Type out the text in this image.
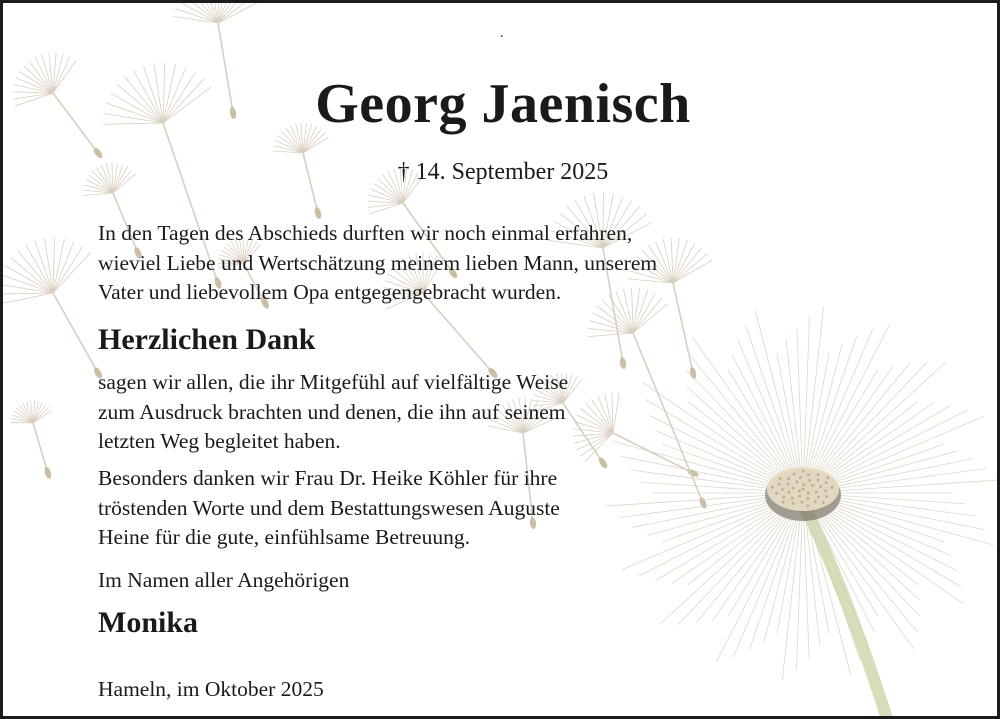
.
Georg Jaenisch
† 14. September 2025
In den Tagen des Abschieds durften wir noch einmal erfahren,
wieviel Liebe und Wertschätzung meinem lieben Mann, unserem
Vater und liebevollem Opa entgegengebracht wurden.
Herzlichen Dank
sagen wir allen, die ihr Mitgefühl auf vielfältige Weise
zum Ausdruck brachten und denen, die ihn auf seinem
letzten Weg begleitet haben.
Besonders danken wir Frau Dr. Heike Köhler für ihre
tröstenden Worte und dem Bestattungswesen Auguste
Heine für die gute, einfühlsame Betreuung.
Im Namen aller Angehörigen
Monika
Hameln, im Oktober 2025
